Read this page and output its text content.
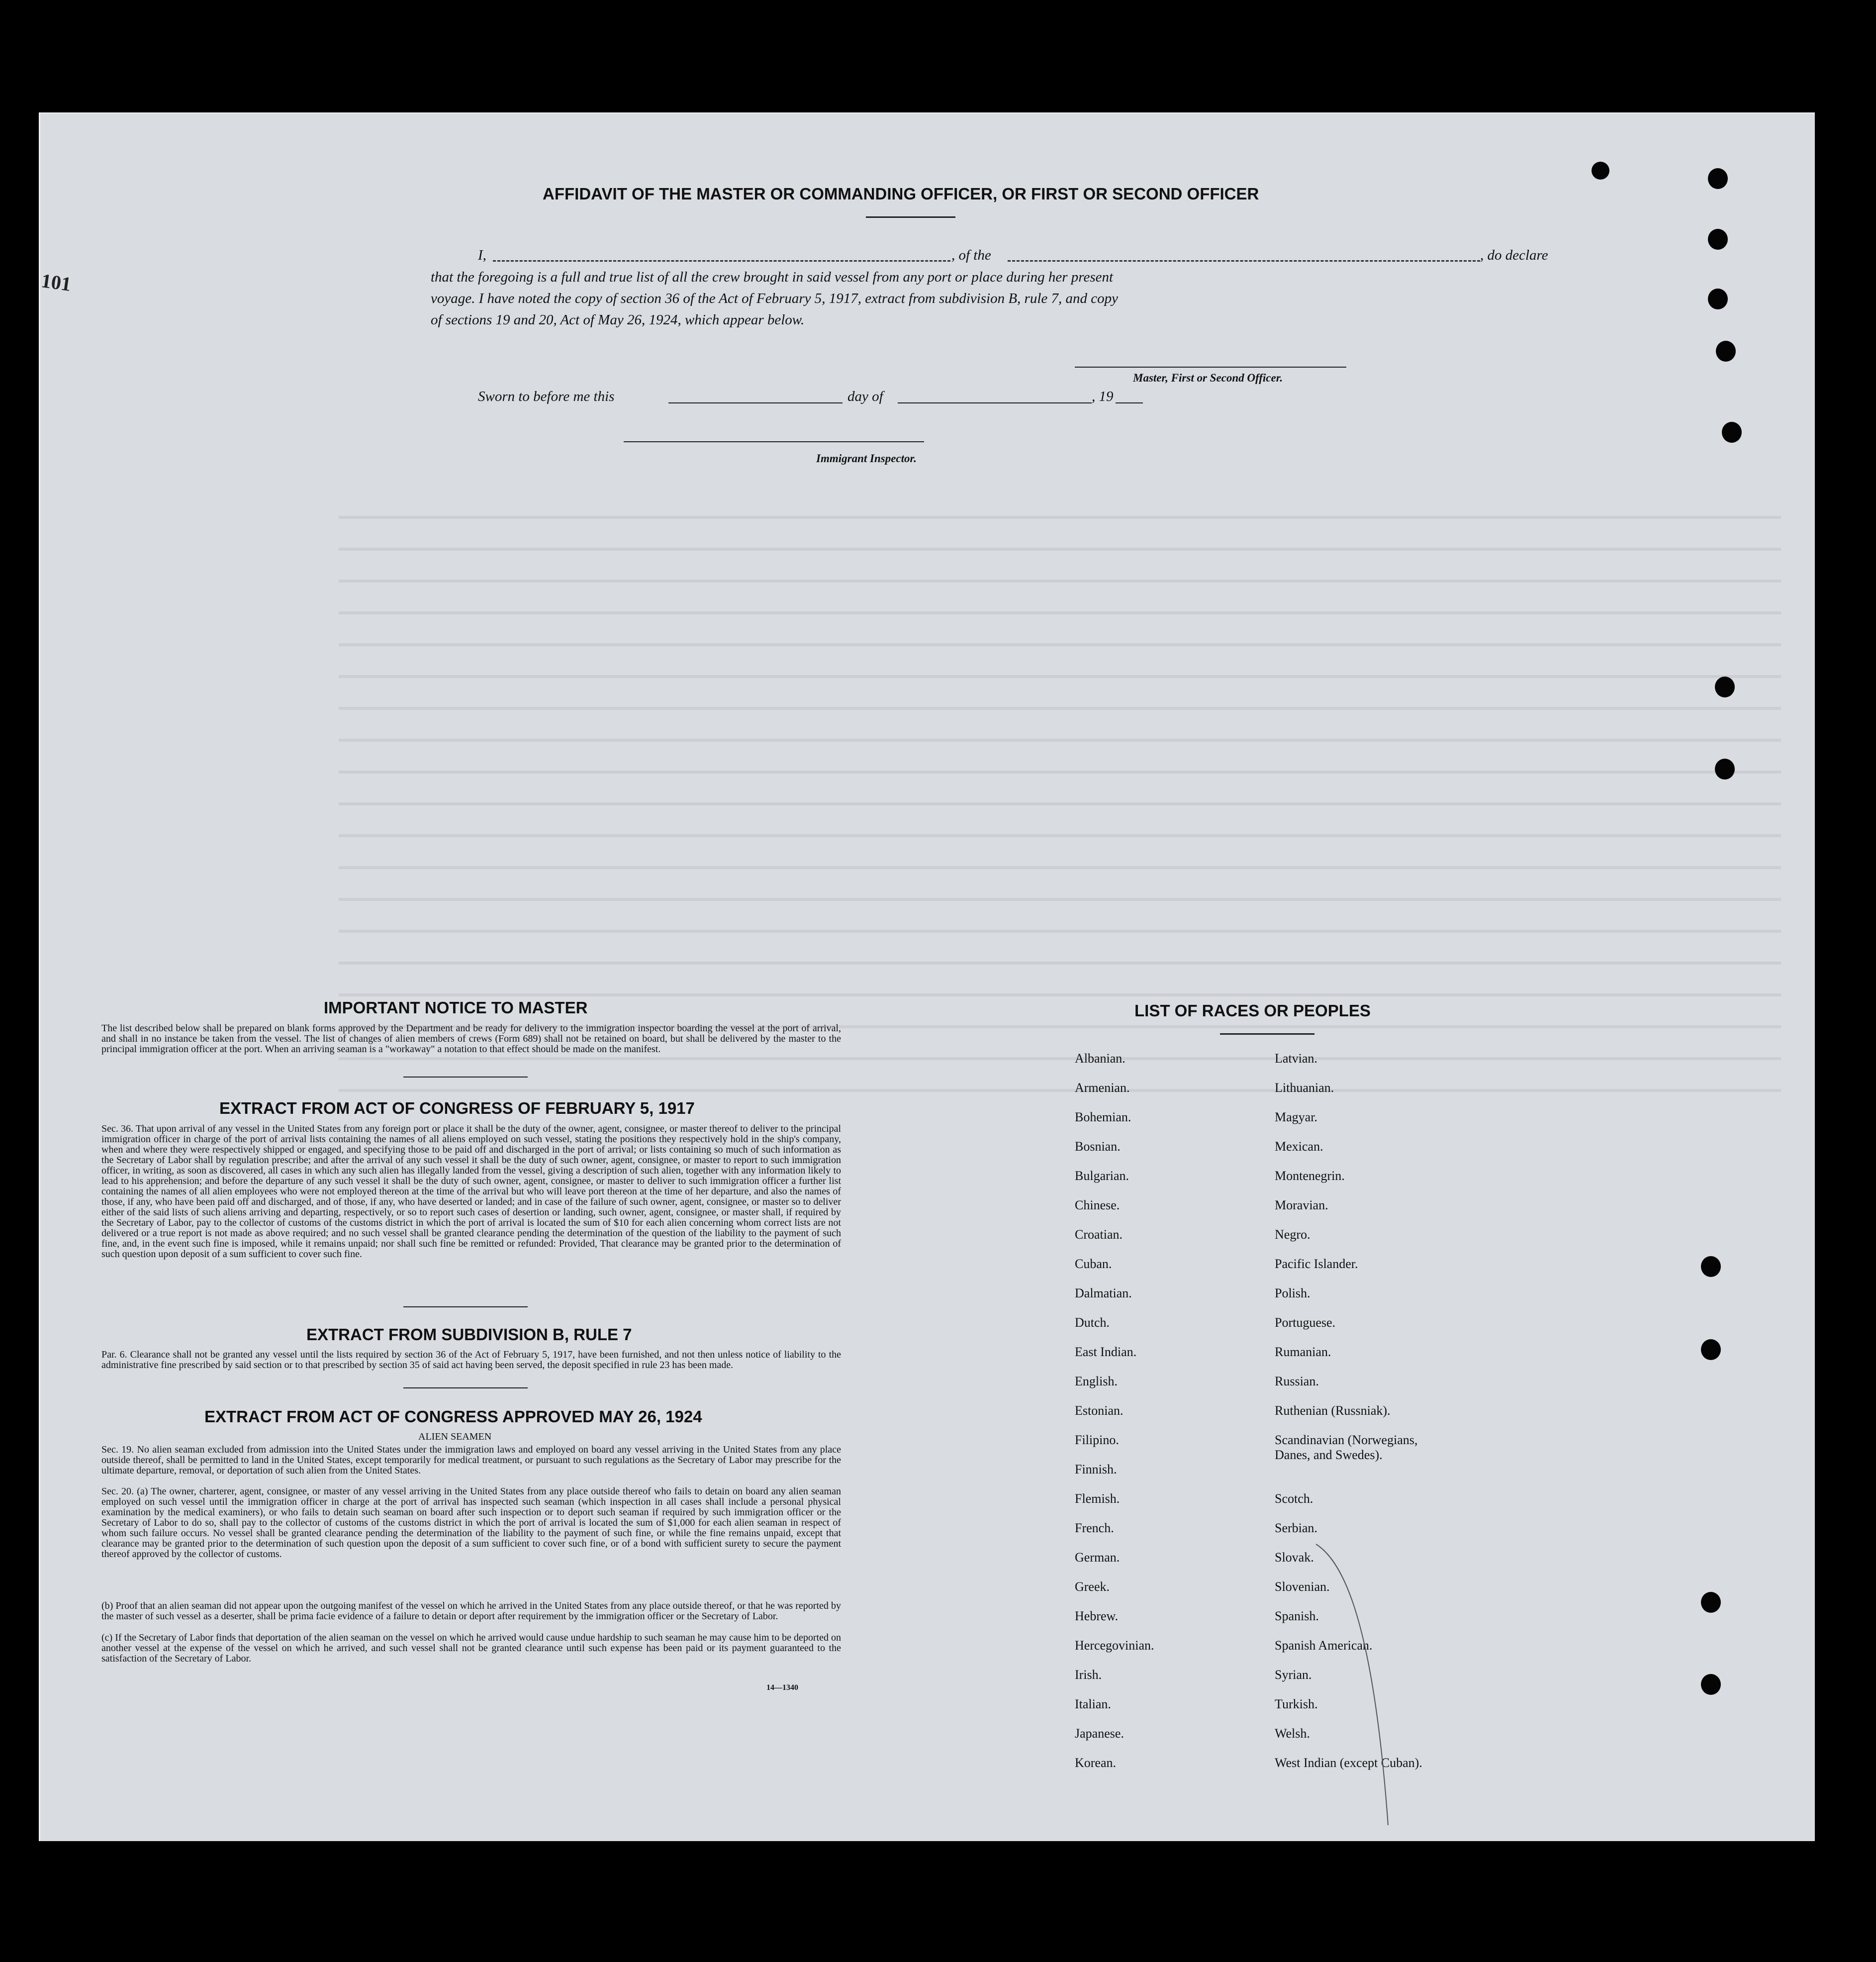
AFFIDAVIT OF THE MASTER OR COMMANDING OFFICER, OR FIRST OR SECOND OFFICER
101
I,	, of the	, do declare
that the foregoing is a full and true list of all the crew brought in said vessel from any port or place during her present
voyage. I have noted the copy of section 36 of the Act of February 5, 1917, extract from subdivision B, rule 7, and copy
of sections 19 and 20, Act of May 26, 1924, which appear below.
Master, First or Second Officer.
Sworn to before me this	day of	, 19
Immigrant Inspector.
IMPORTANT NOTICE TO MASTER
The list described below shall be prepared on blank forms approved by the Department and be ready for delivery to the immigration inspector boarding the vessel at the port of arrival, and shall in no instance be taken from the vessel. The list of changes of alien members of crews (Form 689) shall not be retained on board, but shall be delivered by the master to the principal immigration officer at the port. When an arriving seaman is a "workaway" a notation to that effect should be made on the manifest.
EXTRACT FROM ACT OF CONGRESS OF FEBRUARY 5, 1917
Sec. 36. That upon arrival of any vessel in the United States from any foreign port or place it shall be the duty of the owner, agent, consignee, or master thereof to deliver to the principal immigration officer in charge of the port of arrival lists containing the names of all aliens employed on such vessel, stating the positions they respectively hold in the ship's company, when and where they were respectively shipped or engaged, and specifying those to be paid off and discharged in the port of arrival; or lists containing so much of such information as the Secretary of Labor shall by regulation prescribe; and after the arrival of any such vessel it shall be the duty of such owner, agent, consignee, or master to report to such immigration officer, in writing, as soon as discovered, all cases in which any such alien has illegally landed from the vessel, giving a description of such alien, together with any information likely to lead to his apprehension; and before the departure of any such vessel it shall be the duty of such owner, agent, consignee, or master to deliver to such immigration officer a further list containing the names of all alien employees who were not employed thereon at the time of the arrival but who will leave port thereon at the time of her departure, and also the names of those, if any, who have been paid off and discharged, and of those, if any, who have deserted or landed; and in case of the failure of such owner, agent, consignee, or master so to deliver either of the said lists of such aliens arriving and departing, respectively, or so to report such cases of desertion or landing, such owner, agent, consignee, or master shall, if required by the Secretary of Labor, pay to the collector of customs of the customs district in which the port of arrival is located the sum of $10 for each alien concerning whom correct lists are not delivered or a true report is not made as above required; and no such vessel shall be granted clearance pending the determination of the question of the liability to the payment of such fine, and, in the event such fine is imposed, while it remains unpaid; nor shall such fine be remitted or refunded: Provided, That clearance may be granted prior to the determination of such question upon deposit of a sum sufficient to cover such fine.
EXTRACT FROM SUBDIVISION B, RULE 7
Par. 6. Clearance shall not be granted any vessel until the lists required by section 36 of the Act of February 5, 1917, have been furnished, and not then unless notice of liability to the administrative fine prescribed by said section or to that prescribed by section 35 of said act having been served, the deposit specified in rule 23 has been made.
EXTRACT FROM ACT OF CONGRESS APPROVED MAY 26, 1924
ALIEN SEAMEN
Sec. 19. No alien seaman excluded from admission into the United States under the immigration laws and employed on board any vessel arriving in the United States from any place outside thereof, shall be permitted to land in the United States, except temporarily for medical treatment, or pursuant to such regulations as the Secretary of Labor may prescribe for the ultimate departure, removal, or deportation of such alien from the United States.
Sec. 20. (a) The owner, charterer, agent, consignee, or master of any vessel arriving in the United States from any place outside thereof who fails to detain on board any alien seaman employed on such vessel until the immigration officer in charge at the port of arrival has inspected such seaman (which inspection in all cases shall include a personal physical examination by the medical examiners), or who fails to detain such seaman on board after such inspection or to deport such seaman if required by such immigration officer or the Secretary of Labor to do so, shall pay to the collector of customs of the customs district in which the port of arrival is located the sum of $1,000 for each alien seaman in respect of whom such failure occurs. No vessel shall be granted clearance pending the determination of the liability to the payment of such fine, or while the fine remains unpaid, except that clearance may be granted prior to the determination of such question upon the deposit of a sum sufficient to cover such fine, or of a bond with sufficient surety to secure the payment thereof approved by the collector of customs.
(b) Proof that an alien seaman did not appear upon the outgoing manifest of the vessel on which he arrived in the United States from any place outside thereof, or that he was reported by the master of such vessel as a deserter, shall be prima facie evidence of a failure to detain or deport after requirement by the immigration officer or the Secretary of Labor.
(c) If the Secretary of Labor finds that deportation of the alien seaman on the vessel on which he arrived would cause undue hardship to such seaman he may cause him to be deported on another vessel at the expense of the vessel on which he arrived, and such vessel shall not be granted clearance until such expense has been paid or its payment guaranteed to the satisfaction of the Secretary of Labor.
14—1340
LIST OF RACES OR PEOPLES
Albanian.
Armenian.
Bohemian.
Bosnian.
Bulgarian.
Chinese.
Croatian.
Cuban.
Dalmatian.
Dutch.
East Indian.
English.
Estonian.
Filipino.
Finnish.
Flemish.
French.
German.
Greek.
Hebrew.
Hercegovinian.
Irish.
Italian.
Japanese.
Korean.
Latvian.
Lithuanian.
Magyar.
Mexican.
Montenegrin.
Moravian.
Negro.
Pacific Islander.
Polish.
Portuguese.
Rumanian.
Russian.
Ruthenian (Russniak).
Scandinavian (Norwegians,
Danes, and Swedes).
Scotch.
Serbian.
Slovak.
Slovenian.
Spanish.
Spanish American.
Syrian.
Turkish.
Welsh.
West Indian (except Cuban).
